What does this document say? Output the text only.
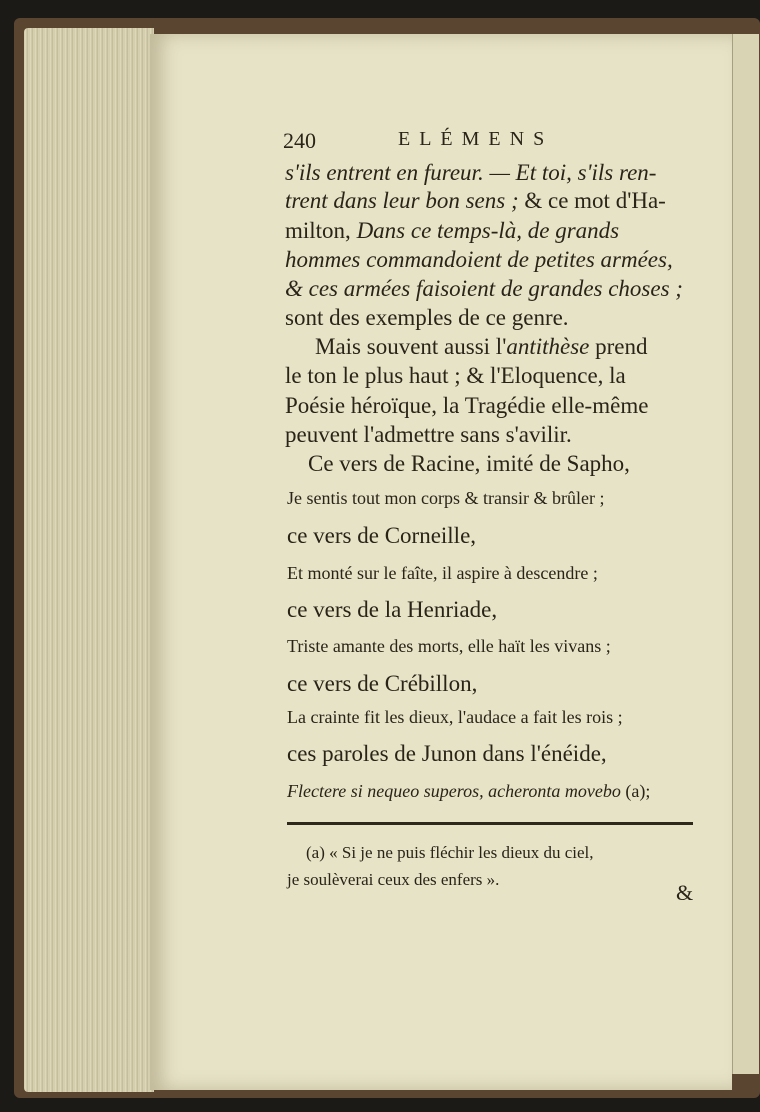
240	ELÉMENS
s'ils entrent en fureur. — Et toi, s'ils ren-
trent dans leur bon sens ; & ce mot d'Ha-
milton, Dans ce temps-là, de grands
hommes commandoient de petites armées,
& ces armées faisoient de grandes choses ;
sont des exemples de ce genre.
Mais souvent aussi l'antithèse prend
le ton le plus haut ; & l'Eloquence, la
Poésie héroïque, la Tragédie elle-même
peuvent l'admettre sans s'avilir.
Ce vers de Racine, imité de Sapho,
Je sentis tout mon corps & transir & brûler ;
ce vers de Corneille,
Et monté sur le faîte, il aspire à descendre ;
ce vers de la Henriade,
Triste amante des morts, elle haït les vivans ;
ce vers de Crébillon,
La crainte fit les dieux, l'audace a fait les rois ;
ces paroles de Junon dans l'énéide,
Flectere si nequeo superos, acheronta movebo (a);
(a) « Si je ne puis fléchir les dieux du ciel,
je soulèverai ceux des enfers ».
&
